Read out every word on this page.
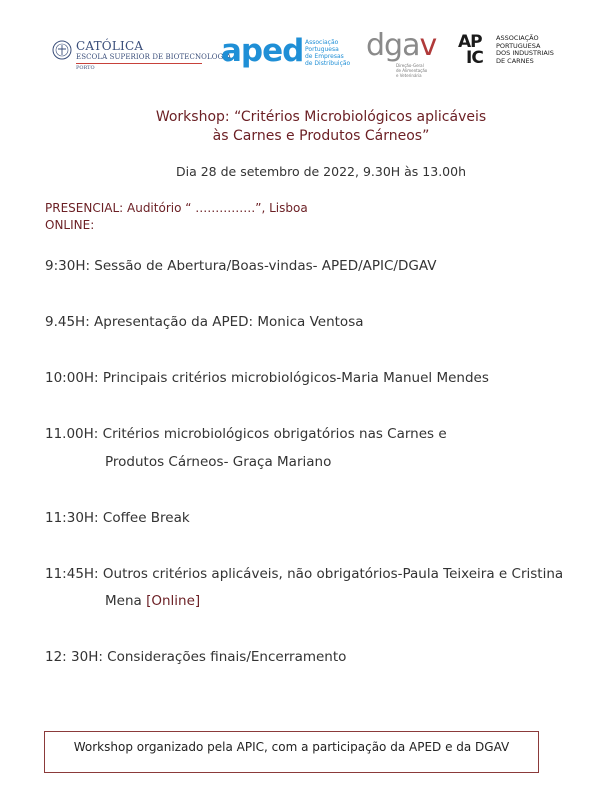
CATÓLICA
ESCOLA SUPERIOR DE BIOTECNOLOGIA
PORTO	aped Associação
Portuguesa
de Empresas
de Distribuição
dgav
Direção-Geral
de Alimentação
e Veterinária
AP
IC
ASSOCIAÇÃO
PORTUGUESA
DOS INDUSTRIAIS
DE CARNES
Workshop: “Critérios Microbiológicos aplicáveis
às Carnes e Produtos Cárneos”
Dia 28 de setembro de 2022, 9.30H às 13.00h
PRESENCIAL: Auditório “ ……………”, Lisboa
ONLINE:
9:30H: Sessão de Abertura/Boas-vindas- APED/APIC/DGAV
9.45H: Apresentação da APED: Monica Ventosa
10:00H: Principais critérios microbiológicos-Maria Manuel Mendes
11.00H: Critérios microbiológicos obrigatórios nas Carnes e
Produtos Cárneos- Graça Mariano
11:30H: Coffee Break
11:45H: Outros critérios aplicáveis, não obrigatórios-Paula Teixeira e Cristina
Mena [Online]
12: 30H: Considerações finais/Encerramento
Workshop organizado pela APIC, com a participação da APED e da DGAV
